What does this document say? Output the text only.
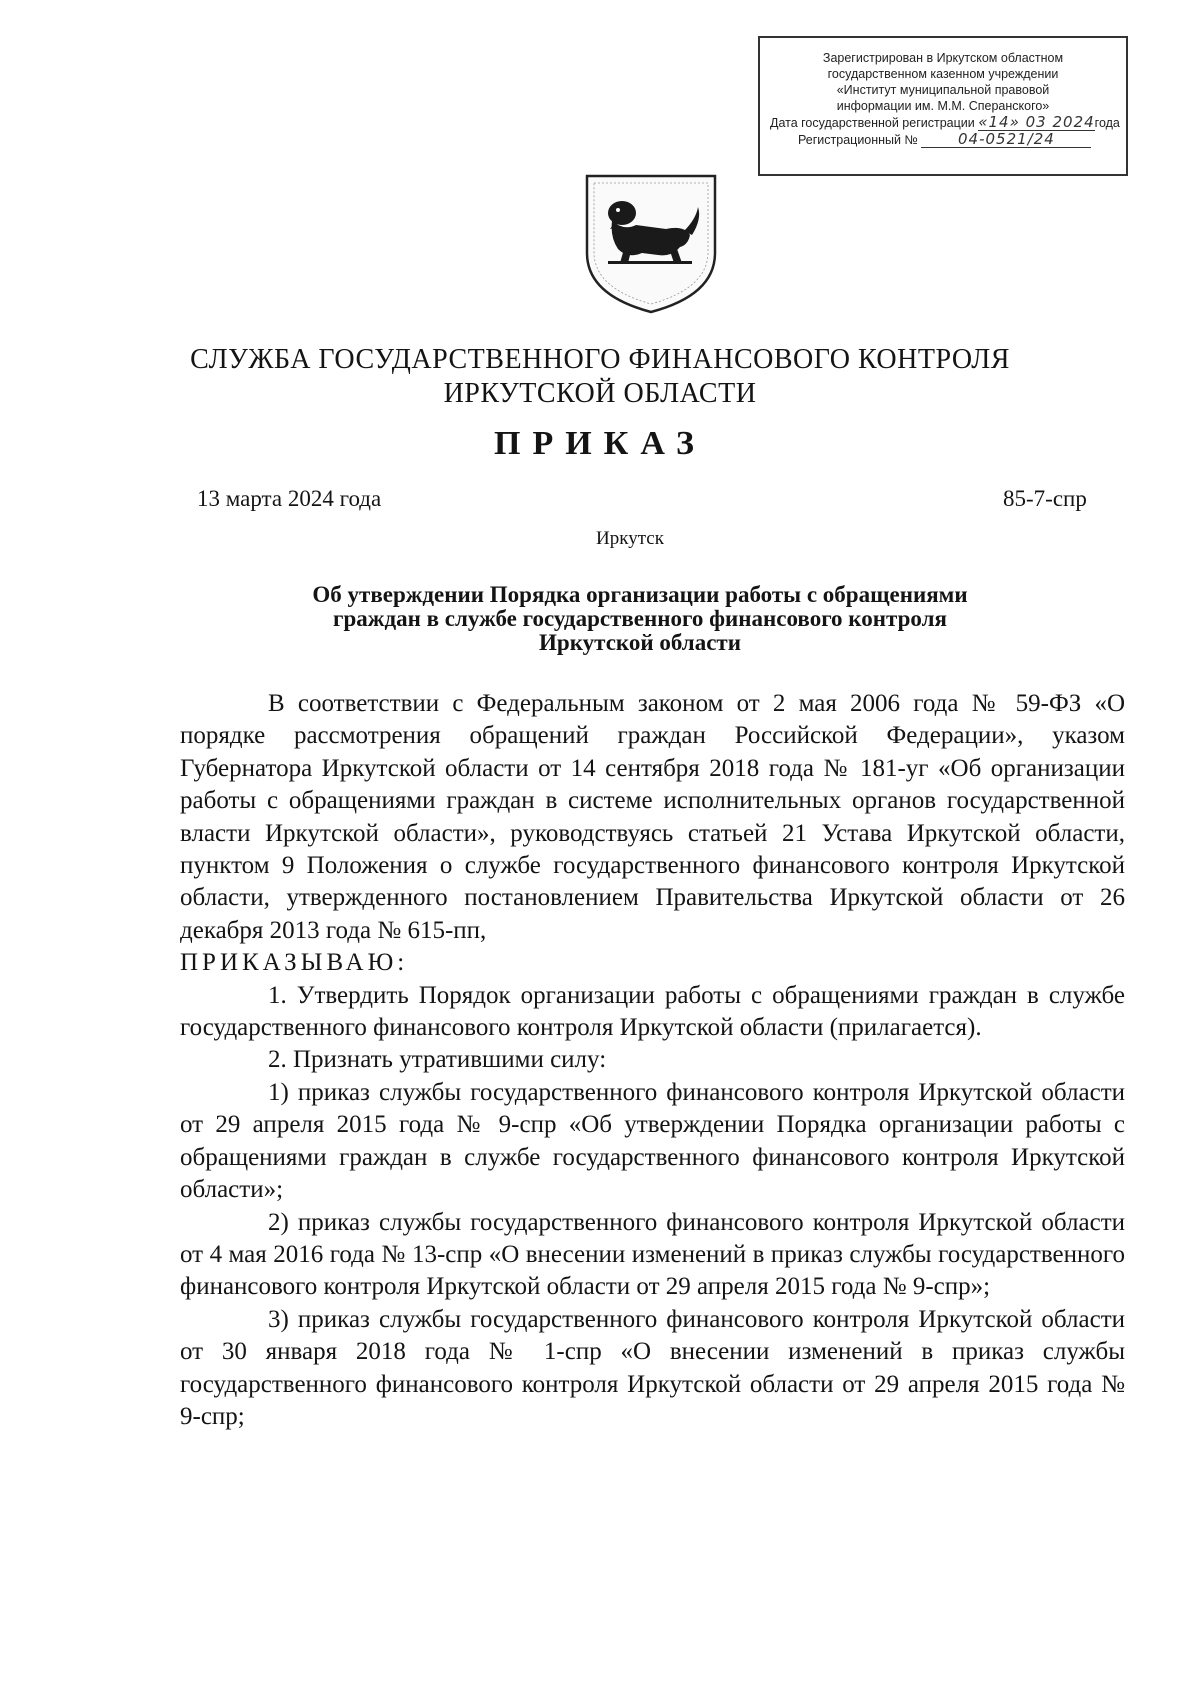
Зарегистрирован в Иркутском областном
государственном казенном учреждении
«Институт муниципальной правовой
информации им. М.М. Сперанского»
Дата государственной регистрации «14» 03 2024года
Регистрационный №	04-0521/24
СЛУЖБА ГОСУДАРСТВЕННОГО ФИНАНСОВОГО КОНТРОЛЯ
ИРКУТСКОЙ ОБЛАСТИ
ПРИКАЗ
13 марта 2024 года	85-7-спр
Иркутск
Об утверждении Порядка организации работы с обращениями
граждан в службе государственного финансового контроля
Иркутской области

В соответствии с Федеральным законом от 2 мая 2006 года № 59-ФЗ «О порядке рассмотрения обращений граждан Российской Федерации», указом Губернатора Иркутской области от 14 сентября 2018 года № 181-уг «Об организации работы с обращениями граждан в системе исполнительных органов государственной власти Иркутской области», руководствуясь статьей 21 Устава Иркутской области, пунктом 9 Положения о службе государственного финансового контроля Иркутской области, утвержденного постановлением Правительства Иркутской области от 26 декабря 2013 года № 615-пп,

ПРИКАЗЫВАЮ:

1. Утвердить Порядок организации работы с обращениями граждан в службе государственного финансового контроля Иркутской области (прилагается).

2. Признать утратившими силу:

1) приказ службы государственного финансового контроля Иркутской области от 29 апреля 2015 года № 9-спр «Об утверждении Порядка организации работы с обращениями граждан в службе государственного финансового контроля Иркутской области»;

2) приказ службы государственного финансового контроля Иркутской области от 4 мая 2016 года № 13-спр «О внесении изменений в приказ службы государственного финансового контроля Иркутской области от 29 апреля 2015 года № 9-спр»;

3) приказ службы государственного финансового контроля Иркутской области от 30 января 2018 года № 1-спр «О внесении изменений в приказ службы государственного финансового контроля Иркутской области от 29 апреля 2015 года № 9-спр;
